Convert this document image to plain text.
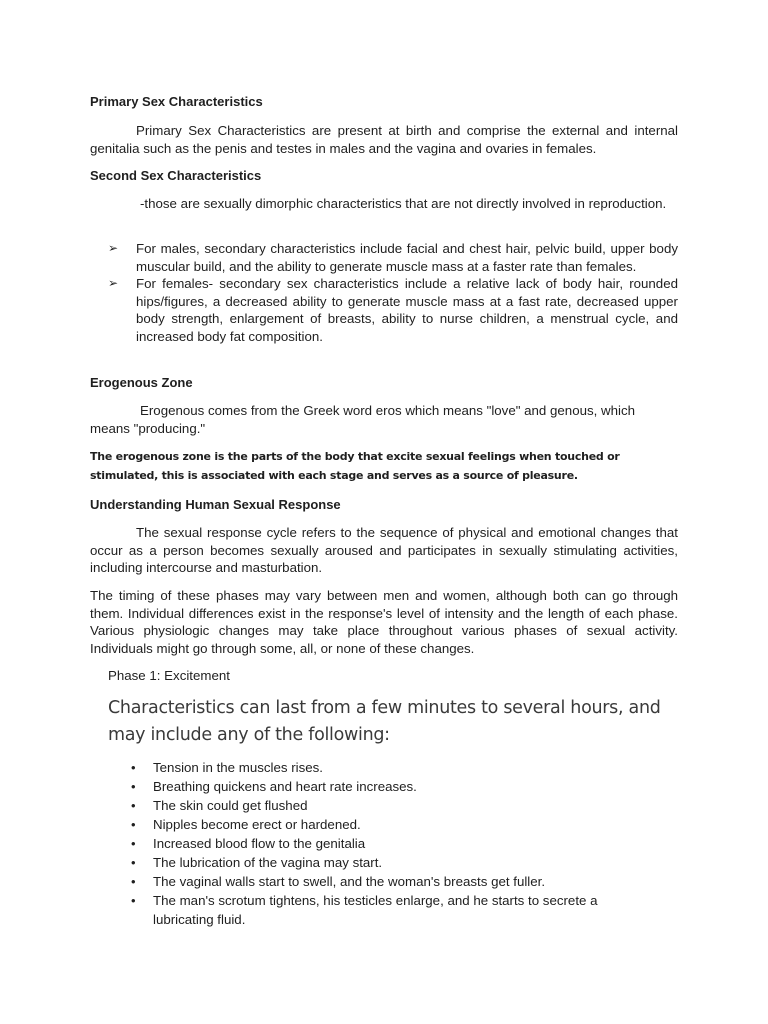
Primary Sex Characteristics
Primary Sex Characteristics are present at birth and comprise the external and internal genitalia such as the penis and testes in males and the vagina and ovaries in females.
Second Sex Characteristics
-those are sexually dimorphic characteristics that are not directly involved in reproduction.
➢ For males, secondary characteristics include facial and chest hair, pelvic build, upper body muscular build, and the ability to generate muscle mass at a faster rate than females.
➢ For females- secondary sex characteristics include a relative lack of body hair, rounded hips/figures, a decreased ability to generate muscle mass at a fast rate, decreased upper body strength, enlargement of breasts, ability to nurse children, a menstrual cycle, and increased body fat composition.
Erogenous Zone
Erogenous comes from the Greek word eros which means "love" and genous, which means "producing."
The erogenous zone is the parts of the body that excite sexual feelings when touched or stimulated, this is associated with each stage and serves as a source of pleasure.
Understanding Human Sexual Response
The sexual response cycle refers to the sequence of physical and emotional changes that occur as a person becomes sexually aroused and participates in sexually stimulating activities, including intercourse and masturbation.
The timing of these phases may vary between men and women, although both can go through them. Individual differences exist in the response's level of intensity and the length of each phase. Various physiologic changes may take place throughout various phases of sexual activity. Individuals might go through some, all, or none of these changes.
Phase 1: Excitement
Characteristics can last from a few minutes to several hours, and may include any of the following:
• Tension in the muscles rises.
• Breathing quickens and heart rate increases.
• The skin could get flushed
• Nipples become erect or hardened.
• Increased blood flow to the genitalia
• The lubrication of the vagina may start.
• The vaginal walls start to swell, and the woman's breasts get fuller.
• The man's scrotum tightens, his testicles enlarge, and he starts to secrete a lubricating fluid.
